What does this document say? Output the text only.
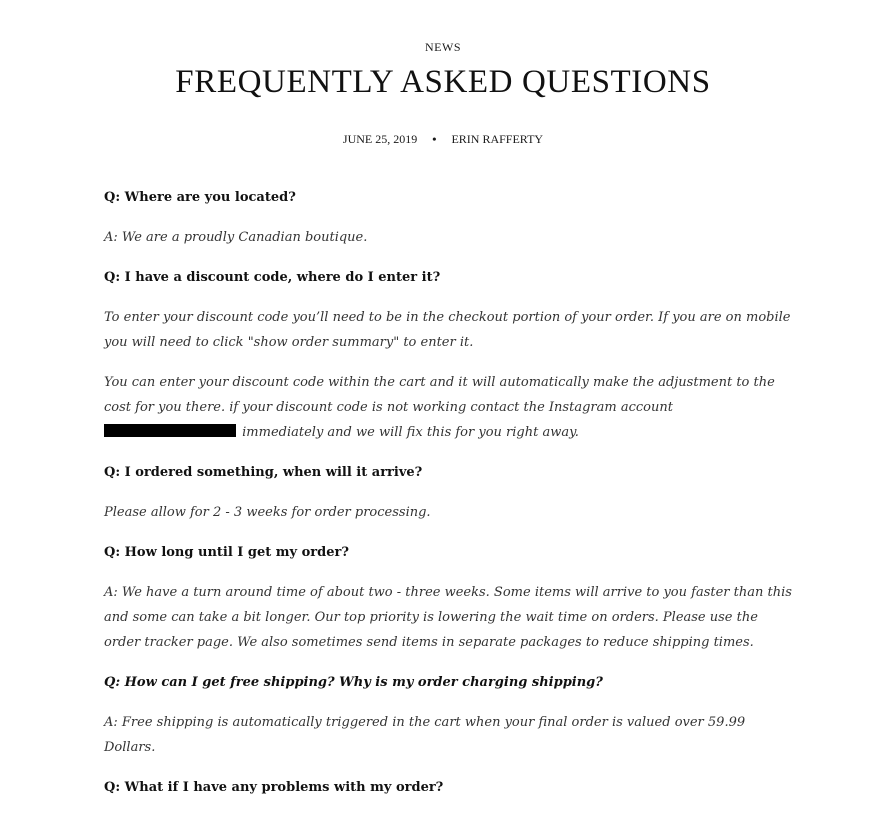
NEWS
FREQUENTLY ASKED QUESTIONS
JUNE 25, 2019 • ERIN RAFFERTY

Q: Where are you located?

A: We are a proudly Canadian boutique.

Q: I have a discount code, where do I enter it?

To enter your discount code you’ll need to be in the checkout portion of your order. If you are on mobile you will need to click "show order summary" to enter it.

You can enter your discount code within the cart and it will automatically make the adjustment to the cost for you there. if your discount code is not working contact the Instagram account  immediately and we will fix this for you right away.

Q: I ordered something, when will it arrive?

Please allow for 2 - 3 weeks for order processing.

Q: How long until I get my order?

A: We have a turn around time of about two - three weeks. Some items will arrive to you faster than this and some can take a bit longer. Our top priority is lowering the wait time on orders. Please use the order tracker page. We also sometimes send items in separate packages to reduce shipping times.

Q: How can I get free shipping? Why is my order charging shipping?

A: Free shipping is automatically triggered in the cart when your final order is valued over 59.99 Dollars.

Q: What if I have any problems with my order?
